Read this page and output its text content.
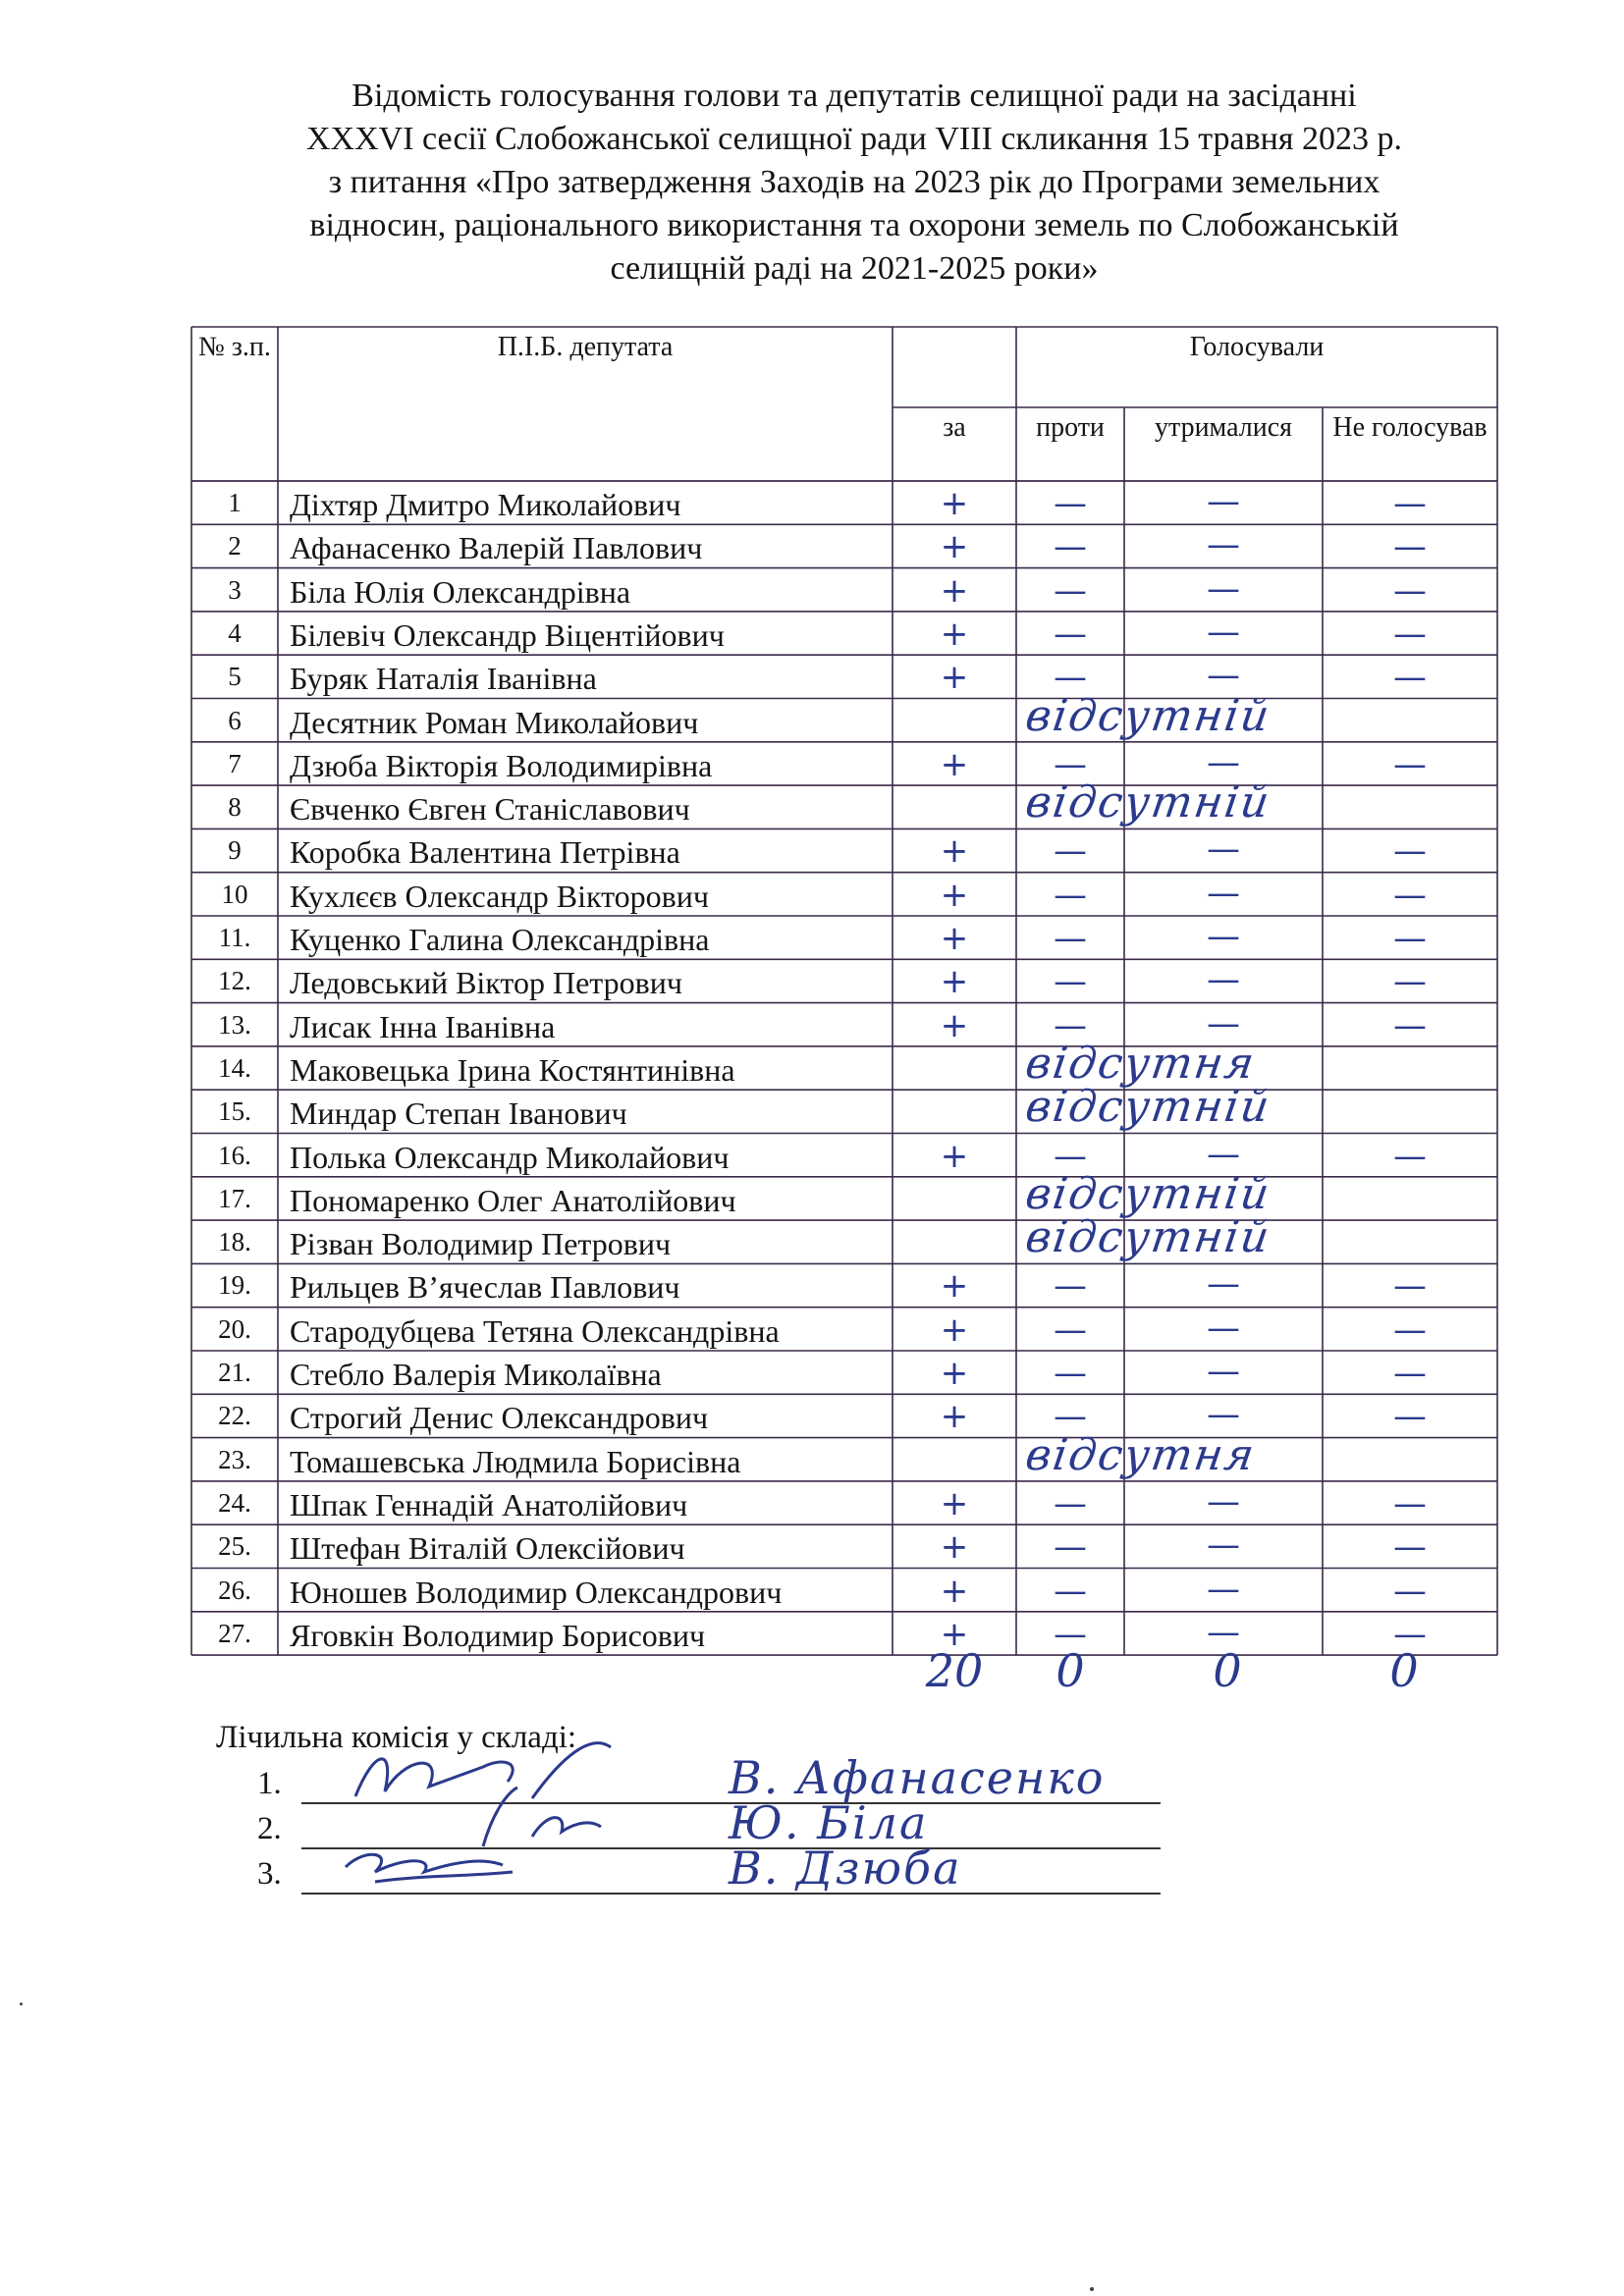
Відомість голосування голови та депутатів селищної ради на засіданні
XXXVI сесії Слобожанської селищної ради VIII скликання 15 травня 2023 р.
з питання «Про затвердження Заходів на 2023 рік до Програми земельних
відносин, раціонального використання та охорони земель по Слобожанській
селищній раді на 2021-2025 роки»
№ з.п.	П.І.Б. депутата	Голосували
за	проти	утрималися	Не голосував
1	Діхтяр Дмитро Миколайович	+	—	—	—
2	Афанасенко Валерій Павлович	+	—	—	—
3	Біла Юлія Олександрівна	+	—	—	—
4	Білевіч Олександр Віцентійович	+	—	—	—
5	Буряк Наталія Іванівна	+	—	—	—
6	Десятник Роман Миколайович	відсутній
7	Дзюба Вікторія Володимирівна	+	—	—	—
8	Євченко Євген Станіславович	відсутній
9	Коробка Валентина Петрівна	+	—	—	—
10	Кухлєєв Олександр Вікторович	+	—	—	—
11.	Куценко Галина Олександрівна	+	—	—	—
12.	Ледовський Віктор Петрович	+	—	—	—
13.	Лисак Інна Іванівна	+	—	—	—
14.	Маковецька Ірина Костянтинівна	відсутня
15.	Миндар Степан Іванович	відсутній
16.	Полька Олександр Миколайович	+	—	—	—
17.	Пономаренко Олег Анатолійович	відсутній
18.	Різван Володимир Петрович	відсутній
19.	Рильцев В’ячеслав Павлович	+	—	—	—
20.	Стародубцева Тетяна Олександрівна	+	—	—	—
21.	Стебло Валерія Миколаївна	+	—	—	—
22.	Строгий Денис Олександрович	+	—	—	—
23.	Томашевська Людмила Борисівна	відсутня
24.	Шпак Геннадій Анатолійович	+	—	—	—
25.	Штефан Віталій Олексійович	+	—	—	—
26.	Юношев Володимир Олександрович	+	—	—	—
27.	Яговкін Володимир Борисович	+	—	—	—
20	0	0	0
Лічильна комісія у складі:
1.	В. Афанасенко
2.	Ю. Біла
3.	В. Дзюба
